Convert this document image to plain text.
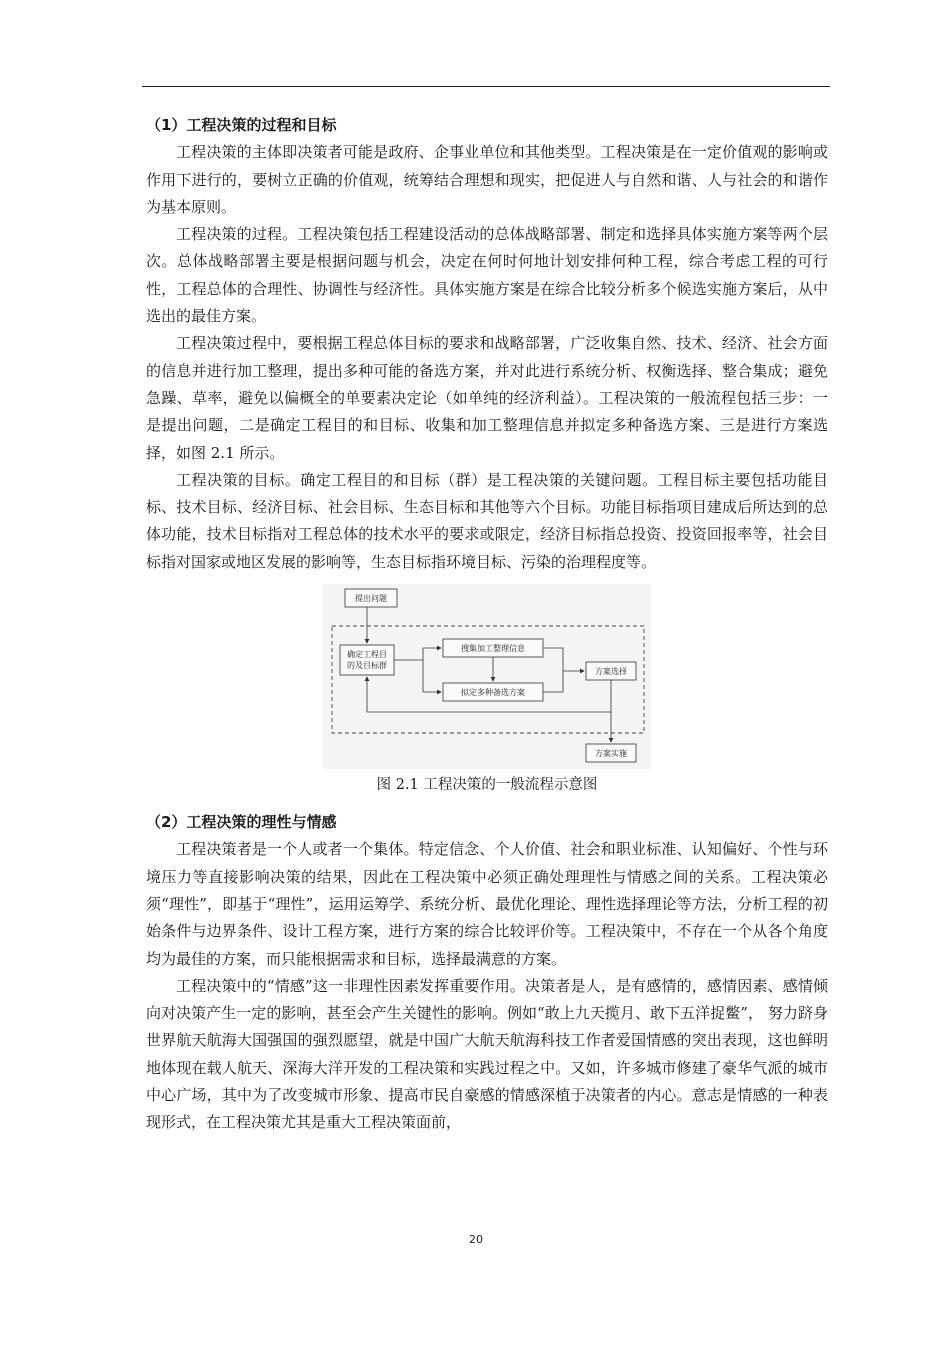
（1）工程决策的过程和目标

工程决策的主体即决策者可能是政府、企事业单位和其他类型。工程决策是在一定价值观的影响或作用下进行的，要树立正确的价值观，统筹结合理想和现实，把促进人与自然和谐、人与社会的和谐作为基本原则。

工程决策的过程。工程决策包括工程建设活动的总体战略部署、制定和选择具体实施方案等两个层次。总体战略部署主要是根据问题与机会，决定在何时何地计划安排何种工程，综合考虑工程的可行性，工程总体的合理性、协调性与经济性。具体实施方案是在综合比较分析多个候选实施方案后，从中选出的最佳方案。

工程决策过程中，要根据工程总体目标的要求和战略部署，广泛收集自然、技术、经济、社会方面的信息并进行加工整理，提出多种可能的备选方案，并对此进行系统分析、权衡选择、整合集成；避免急躁、草率，避免以偏概全的单要素决定论（如单纯的经济利益）。工程决策的一般流程包括三步：一是提出问题，二是确定工程目的和目标、收集和加工整理信息并拟定多种备选方案、三是进行方案选择，如图 2.1 所示。

工程决策的目标。确定工程目的和目标（群）是工程决策的关键问题。工程目标主要包括功能目标、技术目标、经济目标、社会目标、生态目标和其他等六个目标。功能目标指项目建成后所达到的总体功能，技术目标指对工程总体的技术水平的要求或限定，经济目标指总投资、投资回报率等，社会目标指对国家或地区发展的影响等，生态目标指环境目标、污染的治理程度等。

提出问题
确定工程目
的及目标群
搜集加工整理信息
拟定多种备选方案
方案选择
方案实施
图 2.1 工程决策的一般流程示意图
（2）工程决策的理性与情感

工程决策者是一个人或者一个集体。特定信念、个人价值、社会和职业标准、认知偏好、个性与环境压力等直接影响决策的结果，因此在工程决策中必须正确处理理性与情感之间的关系。工程决策必须“理性”，即基于“理性”，运用运筹学、系统分析、最优化理论、理性选择理论等方法，分析工程的初始条件与边界条件、设计工程方案，进行方案的综合比较评价等。工程决策中，不存在一个从各个角度均为最佳的方案，而只能根据需求和目标，选择最满意的方案。

工程决策中的“情感”这一非理性因素发挥重要作用。决策者是人，是有感情的，感情因素、感情倾向对决策产生一定的影响，甚至会产生关键性的影响。例如“敢上九天揽月、敢下五洋捉鳖”， 努力跻身世界航天航海大国强国的强烈愿望，就是中国广大航天航海科技工作者爱国情感的突出表现，这也鲜明地体现在载人航天、深海大洋开发的工程决策和实践过程之中。又如，许多城市修建了豪华气派的城市中心广场，其中为了改变城市形象、提高市民自豪感的情感深植于决策者的内心。意志是情感的一种表现形式，在工程决策尤其是重大工程决策面前，

20
